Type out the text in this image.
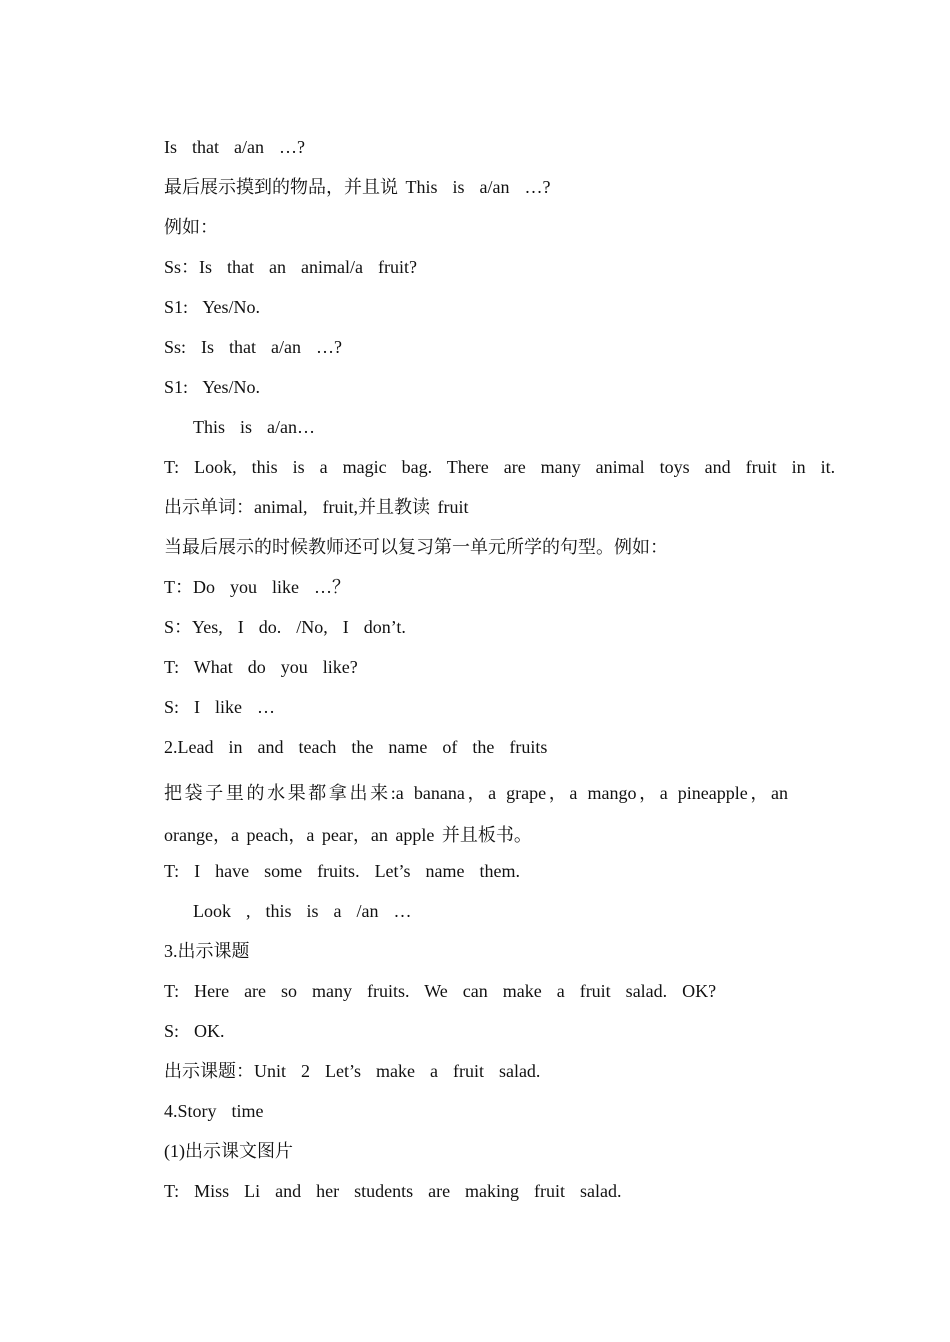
Is  that  a/an  …?
最后展示摸到的物品，并且说 This  is  a/an  …?
例如：
Ss：Is  that  an  animal/a  fruit?
S1:  Yes/No.
Ss:  Is  that  a/an  …?
S1:  Yes/No.
This  is  a/an…
T:  Look,  this  is  a  magic  bag.  There  are  many  animal  toys  and  fruit  in  it.
出示单词：animal,  fruit,并且教读 fruit
当最后展示的时候教师还可以复习第一单元所学的句型。例如：
T：Do  you  like  …？
S：Yes,  I  do.  /No,  I  don’t.
T:  What  do  you  like?
S:  I  like  …
2.Lead  in  and  teach  the  name  of  the  fruits
把袋子里的水果都拿出来:a banana，a grape，a mango，a pineapple，an orange，a peach，a pear，an apple 并且板书。
T:  I  have  some  fruits.  Let’s  name  them.
Look  ,  this  is  a  /an  …
3.出示课题
T:  Here  are  so  many  fruits.  We  can  make  a  fruit  salad.  OK?
S:  OK.
出示课题：Unit  2  Let’s  make  a  fruit  salad.
4.Story  time
(1)出示课文图片
T:  Miss  Li  and  her  students  are  making  fruit  salad.
